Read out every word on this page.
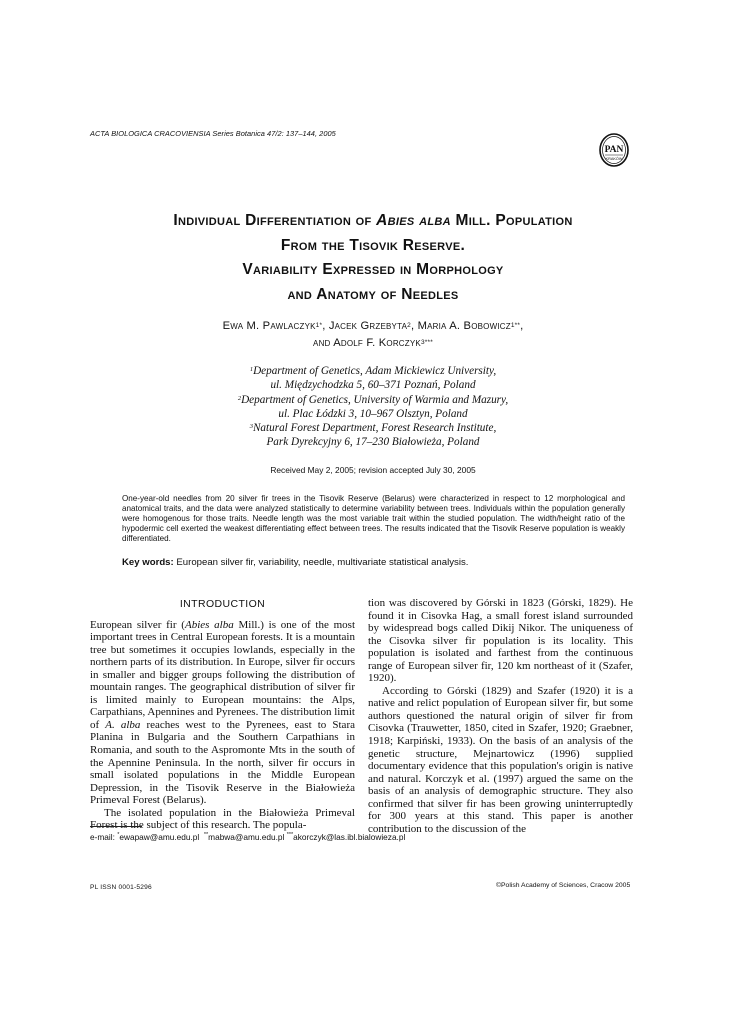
ACTA BIOLOGICA CRACOVIENSIA Series Botanica 47/2: 137–144, 2005
PAN
KRAKÓW
Individual Differentiation of Abies alba Mill. Population
From the Tisovik Reserve.
Variability Expressed in Morphology
and Anatomy of Needles
Ewa M. Pawlaczyk$^{1*}$, Jacek Grzebyta$^2$, Maria A. Bobowicz$^{1**}$,
and Adolf F. Korczyk$^{3***}$
$^1$Department of Genetics, Adam Mickiewicz University,
ul. Międzychodzka 5, 60–371 Poznań, Poland
$^2$Department of Genetics, University of Warmia and Mazury,
ul. Plac Łódzki 3, 10–967 Olsztyn, Poland
$^3$Natural Forest Department, Forest Research Institute,
Park Dyrekcyjny 6, 17–230 Białowieża, Poland
Received May 2, 2005; revision accepted July 30, 2005
One-year-old needles from 20 silver fir trees in the Tisovik Reserve (Belarus) were characterized in respect to 12 morphological and anatomical traits, and the data were analyzed statistically to determine variability between trees. Individuals within the population generally were homogenous for those traits. Needle length was the most variable trait within the studied population. The width/height ratio of the hypodermic cell exerted the weakest differentiating effect between trees. The results indicated that the Tisovik Reserve population is weakly differentiated.
Key words: European silver fir, variability, needle, multivariate statistical analysis.
INTRODUCTION

European silver fir (Abies alba Mill.) is one of the most important trees in Central European forests. It is a mountain tree but sometimes it occupies lowlands, especially in the northern parts of its distribution. In Europe, silver fir occurs in smaller and bigger groups following the distribution of mountain ranges. The geographical distribution of silver fir is limited mainly to European mountains: the Alps, Carpathians, Apennines and Pyrenees. The distribution limit of A. alba reaches west to the Pyrenees, east to Stara Planina in Bulgaria and the Southern Carpathians in Romania, and south to the Aspromonte Mts in the south of the Apennine Peninsula. In the north, silver fir occurs in small isolated populations in the Middle European Depression, in the Tisovik Reserve in the Białowieża Primeval Forest (Belarus).

The isolated population in the Białowieża Primeval Forest is the subject of this research. The popula-

tion was discovered by Górski in 1823 (Górski, 1829). He found it in Cisovka Hag, a small forest island surrounded by widespread bogs called Dikij Nikor. The uniqueness of the Cisovka silver fir population is its locality. This population is isolated and farthest from the continuous range of European silver fir, 120 km northeast of it (Szafer, 1920).

According to Górski (1829) and Szafer (1920) it is a native and relict population of European silver fir, but some authors questioned the natural origin of silver fir from Cisovka (Trauwetter, 1850, cited in Szafer, 1920; Graebner, 1918; Karpiński, 1933). On the basis of an analysis of the genetic structure, Mejnartowicz (1996) supplied documentary evidence that this population's origin is native and natural. Korczyk et al. (1997) argued the same on the basis of an analysis of demographic structure. They also confirmed that silver fir has been growing uninterruptedly for 300 years at this stand. This paper is another contribution to the discussion of the

e-mail: *ewapaw@amu.edu.pl **mabwa@amu.edu.pl ***akorczyk@las.ibl.bialowieza.pl
PL ISSN 0001-5296	©Polish Academy of Sciences, Cracow 2005
